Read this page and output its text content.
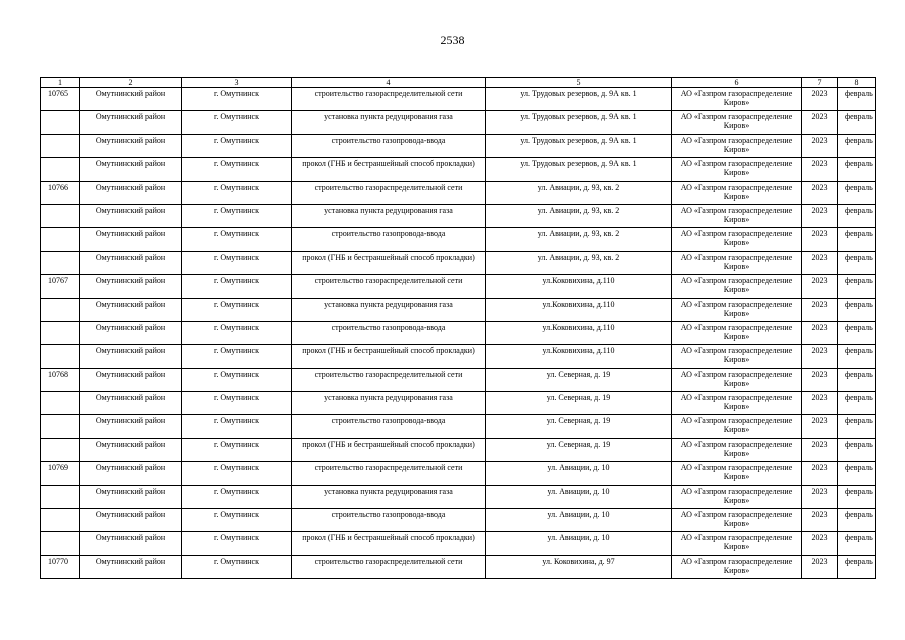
2538
1	2	3	4	5	6	7	8
10765	Омутнинский район	г. Омутнинск	строительство газораспределительной сети	ул. Трудовых резервов, д. 9А кв. 1	АО «Газпром газораспределение Киров»	2023	февраль
	Омутнинский район	г. Омутнинск	установка пункта редуцирования газа	ул. Трудовых резервов, д. 9А кв. 1	АО «Газпром газораспределение Киров»	2023	февраль
	Омутнинский район	г. Омутнинск	строительство газопровода-ввода	ул. Трудовых резервов, д. 9А кв. 1	АО «Газпром газораспределение Киров»	2023	февраль
	Омутнинский район	г. Омутнинск	прокол (ГНБ и бестраншейный способ прокладки)	ул. Трудовых резервов, д. 9А кв. 1	АО «Газпром газораспределение Киров»	2023	февраль
10766	Омутнинский район	г. Омутнинск	строительство газораспределительной сети	ул. Авиации, д. 93, кв. 2	АО «Газпром газораспределение Киров»	2023	февраль
	Омутнинский район	г. Омутнинск	установка пункта редуцирования газа	ул. Авиации, д. 93, кв. 2	АО «Газпром газораспределение Киров»	2023	февраль
	Омутнинский район	г. Омутнинск	строительство газопровода-ввода	ул. Авиации, д. 93, кв. 2	АО «Газпром газораспределение Киров»	2023	февраль
	Омутнинский район	г. Омутнинск	прокол (ГНБ и бестраншейный способ прокладки)	ул. Авиации, д. 93, кв. 2	АО «Газпром газораспределение Киров»	2023	февраль
10767	Омутнинский район	г. Омутнинск	строительство газораспределительной сети	ул.Коковихина, д.110	АО «Газпром газораспределение Киров»	2023	февраль
	Омутнинский район	г. Омутнинск	установка пункта редуцирования газа	ул.Коковихина, д.110	АО «Газпром газораспределение Киров»	2023	февраль
	Омутнинский район	г. Омутнинск	строительство газопровода-ввода	ул.Коковихина, д.110	АО «Газпром газораспределение Киров»	2023	февраль
	Омутнинский район	г. Омутнинск	прокол (ГНБ и бестраншейный способ прокладки)	ул.Коковихина, д.110	АО «Газпром газораспределение Киров»	2023	февраль
10768	Омутнинский район	г. Омутнинск	строительство газораспределительной сети	ул. Северная, д. 19	АО «Газпром газораспределение Киров»	2023	февраль
	Омутнинский район	г. Омутнинск	установка пункта редуцирования газа	ул. Северная, д. 19	АО «Газпром газораспределение Киров»	2023	февраль
	Омутнинский район	г. Омутнинск	строительство газопровода-ввода	ул. Северная, д. 19	АО «Газпром газораспределение Киров»	2023	февраль
	Омутнинский район	г. Омутнинск	прокол (ГНБ и бестраншейный способ прокладки)	ул. Северная, д. 19	АО «Газпром газораспределение Киров»	2023	февраль
10769	Омутнинский район	г. Омутнинск	строительство газораспределительной сети	ул. Авиации, д. 10	АО «Газпром газораспределение Киров»	2023	февраль
	Омутнинский район	г. Омутнинск	установка пункта редуцирования газа	ул. Авиации, д. 10	АО «Газпром газораспределение Киров»	2023	февраль
	Омутнинский район	г. Омутнинск	строительство газопровода-ввода	ул. Авиации, д. 10	АО «Газпром газораспределение Киров»	2023	февраль
	Омутнинский район	г. Омутнинск	прокол (ГНБ и бестраншейный способ прокладки)	ул. Авиации, д. 10	АО «Газпром газораспределение Киров»	2023	февраль
10770	Омутнинский район	г. Омутнинск	строительство газораспределительной сети	ул. Коковихина, д. 97	АО «Газпром газораспределение Киров»	2023	февраль
